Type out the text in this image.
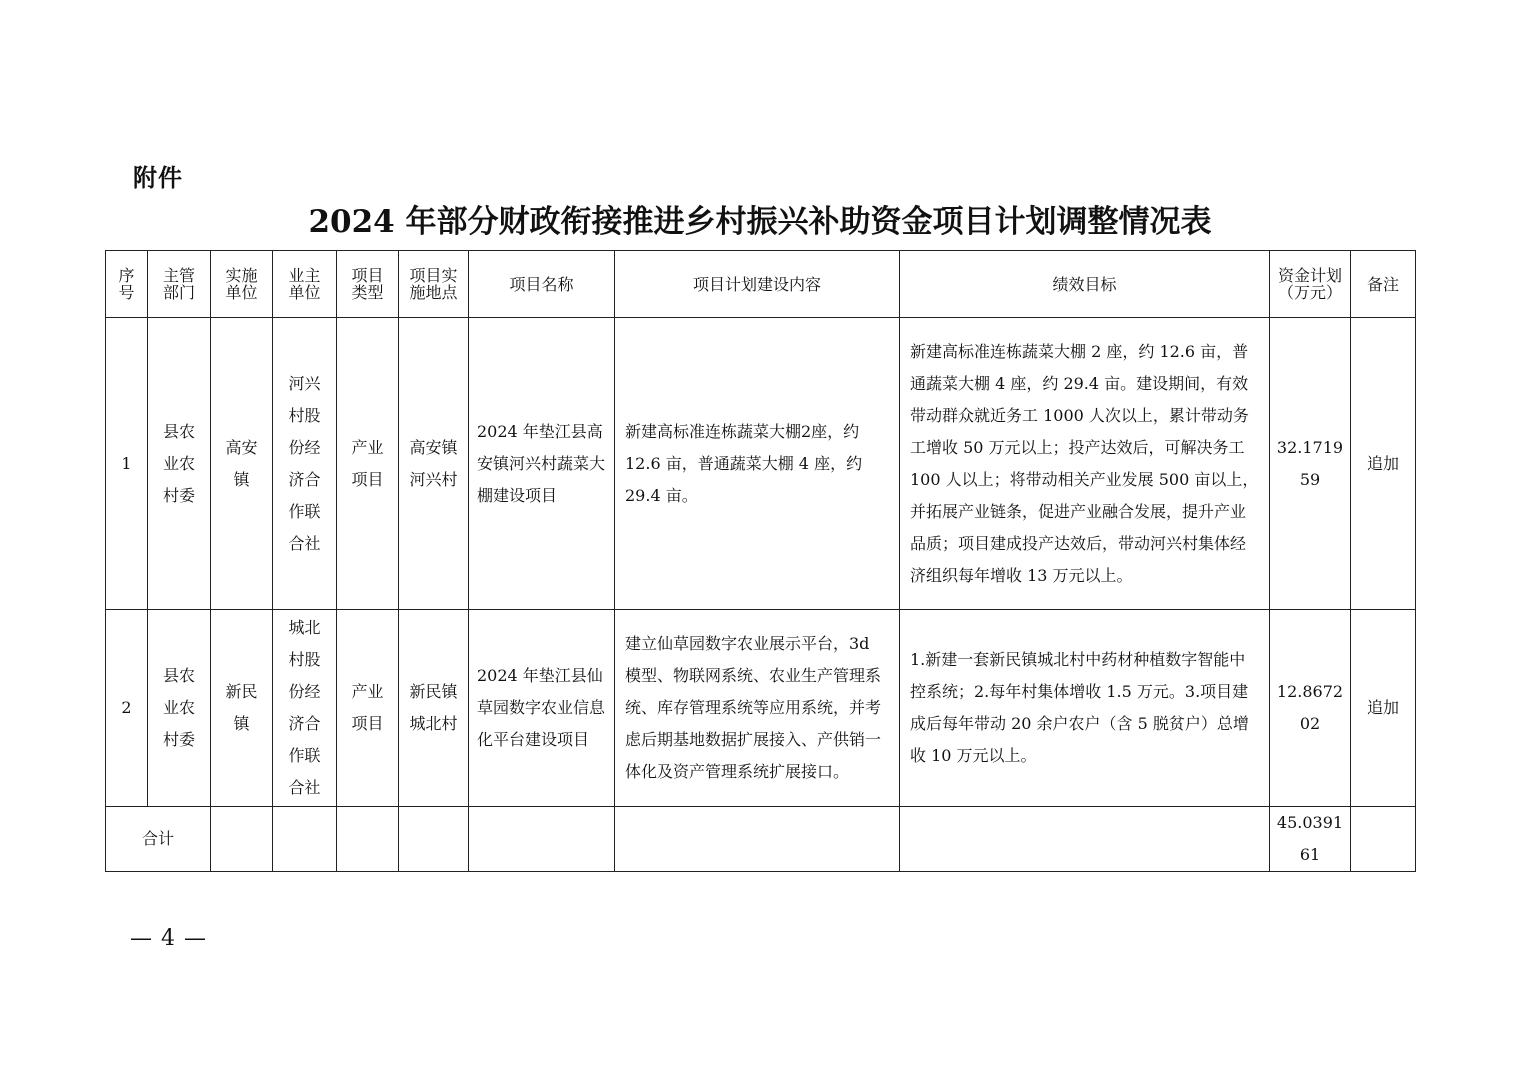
附件
2024 年部分财政衔接推进乡村振兴补助资金项目计划调整情况表
序号	主管部门	实施单位	业主单位	项目类型	项目实施地点	项目名称	项目计划建设内容	绩效目标	资金计划（万元）	备注
1	县农业农村委	高安镇	河兴村股份经济合作联合社	产业项目	高安镇河兴村	2024 年垫江县高安镇河兴村蔬菜大棚建设项目	新建高标准连栋蔬菜大棚2座，约 12.6 亩，普通蔬菜大棚 4 座，约 29.4 亩。	新建高标准连栋蔬菜大棚 2 座，约 12.6 亩，普通蔬菜大棚 4 座，约 29.4 亩。建设期间，有效带动群众就近务工 1000 人次以上，累计带动务工增收 50 万元以上；投产达效后，可解决务工 100 人以上；将带动相关产业发展 500 亩以上，并拓展产业链条，促进产业融合发展，提升产业品质；项目建成投产达效后，带动河兴村集体经济组织每年增收 13 万元以上。	32.171959	追加
2	县农业农村委	新民镇	城北村股份经济合作联合社	产业项目	新民镇城北村	2024 年垫江县仙草园数字农业信息化平台建设项目	建立仙草园数字农业展示平台，3d 模型、物联网系统、农业生产管理系统、库存管理系统等应用系统，并考虑后期基地数据扩展接入、产供销一体化及资产管理系统扩展接口。	1.新建一套新民镇城北村中药材种植数字智能中控系统；2.每年村集体增收 1.5 万元。3.项目建成后每年带动 20 余户农户（含 5 脱贫户）总增收 10 万元以上。	12.867202	追加
合计									45.039161	
— 4 —
